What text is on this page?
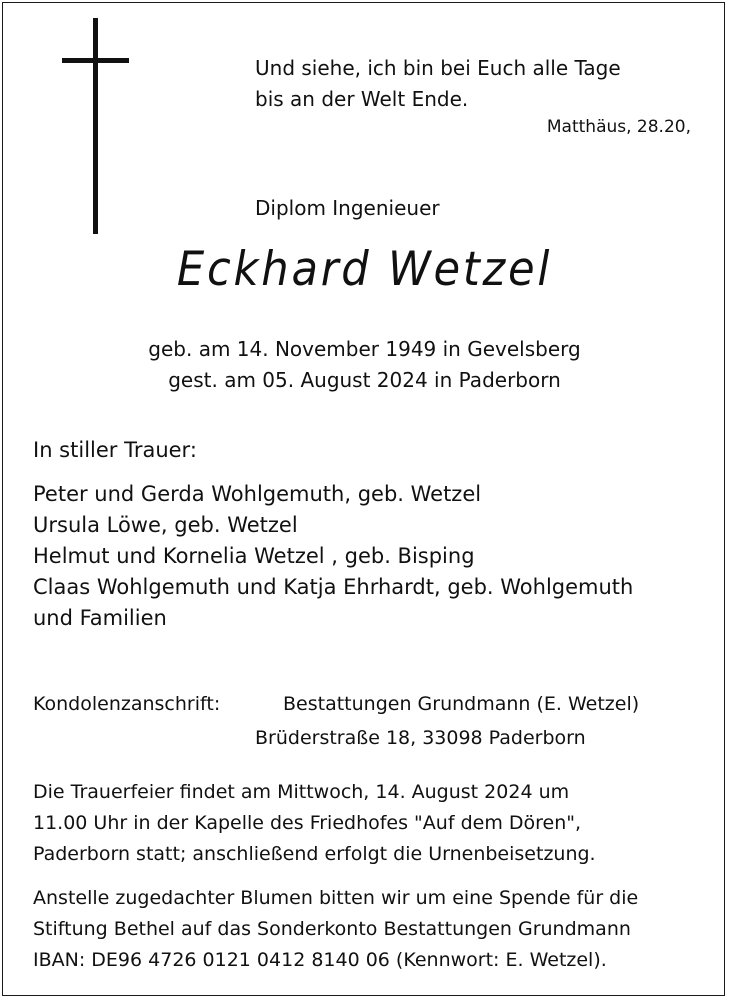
Und siehe, ich bin bei Euch alle Tage
bis an der Welt Ende.
Matthäus, 28.20,
Diplom Ingenieuer
Eckhard Wetzel
geb. am 14. November 1949 in Gevelsberg
gest. am 05. August 2024 in Paderborn
In stiller Trauer:
Peter und Gerda Wohlgemuth, geb. Wetzel
Ursula Löwe, geb. Wetzel
Helmut und Kornelia Wetzel , geb. Bisping
Claas Wohlgemuth und Katja Ehrhardt, geb. Wohlgemuth
und Familien
Kondolenzanschrift:	Bestattungen Grundmann (E. Wetzel)
Brüderstraße 18, 33098 Paderborn
Die Trauerfeier findet am Mittwoch, 14. August 2024 um
11.00 Uhr in der Kapelle des Friedhofes "Auf dem Dören",
Paderborn statt; anschließend erfolgt die Urnenbeisetzung.
Anstelle zugedachter Blumen bitten wir um eine Spende für die
Stiftung Bethel auf das Sonderkonto Bestattungen Grundmann
IBAN: DE96 4726 0121 0412 8140 06 (Kennwort: E. Wetzel).
